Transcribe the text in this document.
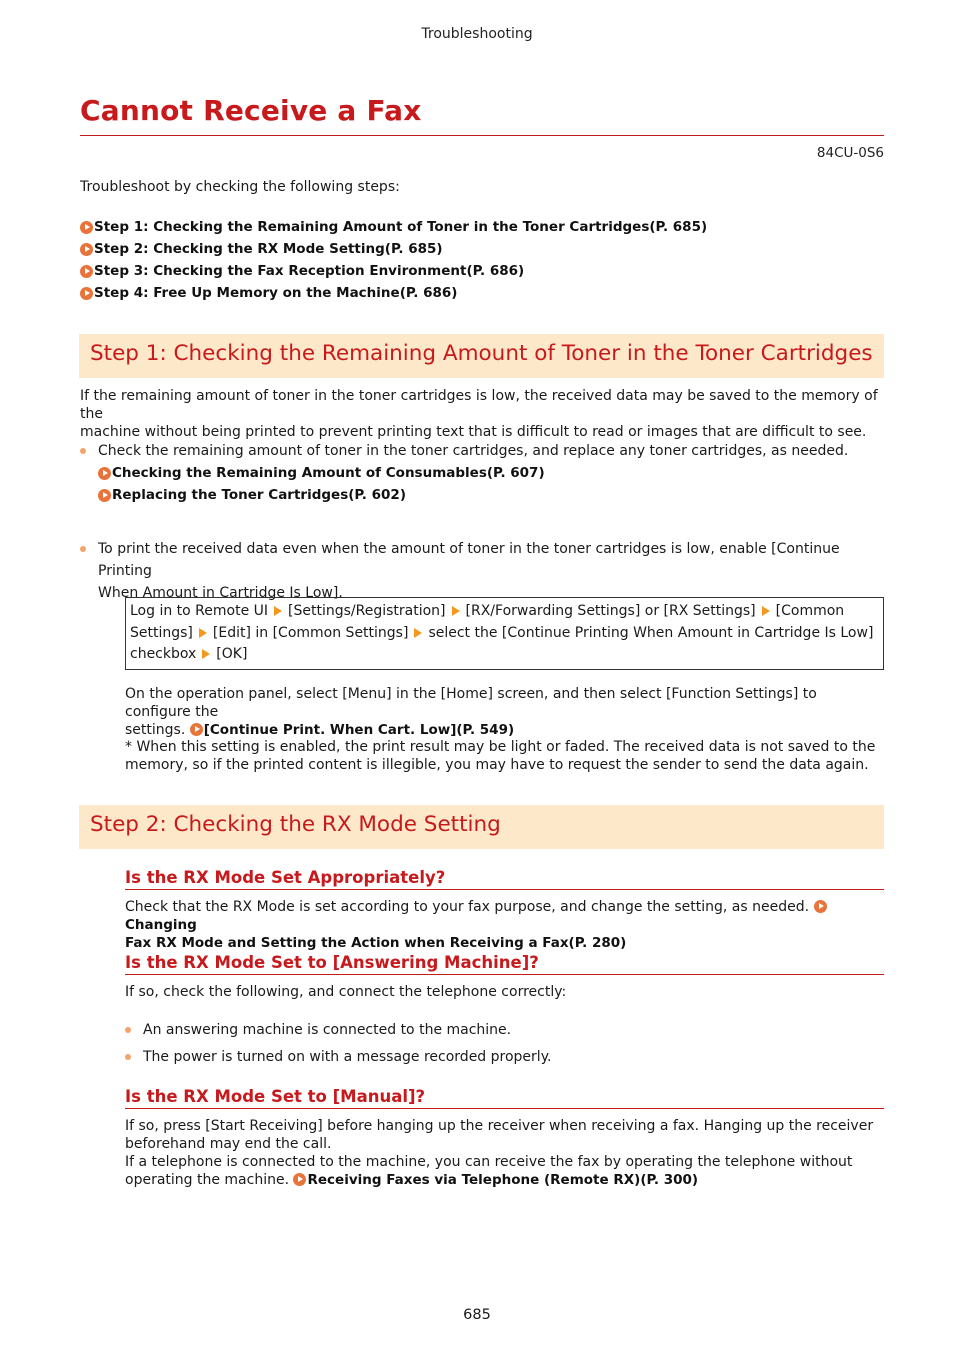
Troubleshooting
Cannot Receive a Fax
84CU-0S6
Troubleshoot by checking the following steps:
Step 1: Checking the Remaining Amount of Toner in the Toner Cartridges(P. 685)
Step 2: Checking the RX Mode Setting(P. 685)
Step 3: Checking the Fax Reception Environment(P. 686)
Step 4: Free Up Memory on the Machine(P. 686)
Step 1: Checking the Remaining Amount of Toner in the Toner Cartridges
If the remaining amount of toner in the toner cartridges is low, the received data may be saved to the memory of the
machine without being printed to prevent printing text that is difficult to read or images that are difficult to see.
Check the remaining amount of toner in the toner cartridges, and replace any toner cartridges, as needed.
Checking the Remaining Amount of Consumables(P. 607)
Replacing the Toner Cartridges(P. 602)
To print the received data even when the amount of toner in the toner cartridges is low, enable [Continue Printing
When Amount in Cartridge Is Low].
Log in to Remote UI [Settings/Registration] [RX/Forwarding Settings] or [RX Settings] [Common
Settings] [Edit] in [Common Settings] select the [Continue Printing When Amount in Cartridge Is Low]
checkbox [OK]
On the operation panel, select [Menu] in the [Home] screen, and then select [Function Settings] to configure the
settings. [Continue Print. When Cart. Low](P. 549)
* When this setting is enabled, the print result may be light or faded. The received data is not saved to the
memory, so if the printed content is illegible, you may have to request the sender to send the data again.
Step 2: Checking the RX Mode Setting
Is the RX Mode Set Appropriately?
Check that the RX Mode is set according to your fax purpose, and change the setting, as needed. Changing
Fax RX Mode and Setting the Action when Receiving a Fax(P. 280)
Is the RX Mode Set to [Answering Machine]?
If so, check the following, and connect the telephone correctly:
An answering machine is connected to the machine.
The power is turned on with a message recorded properly.
Is the RX Mode Set to [Manual]?
If so, press [Start Receiving] before hanging up the receiver when receiving a fax. Hanging up the receiver
beforehand may end the call.
If a telephone is connected to the machine, you can receive the fax by operating the telephone without
operating the machine. Receiving Faxes via Telephone (Remote RX)(P. 300)
685
